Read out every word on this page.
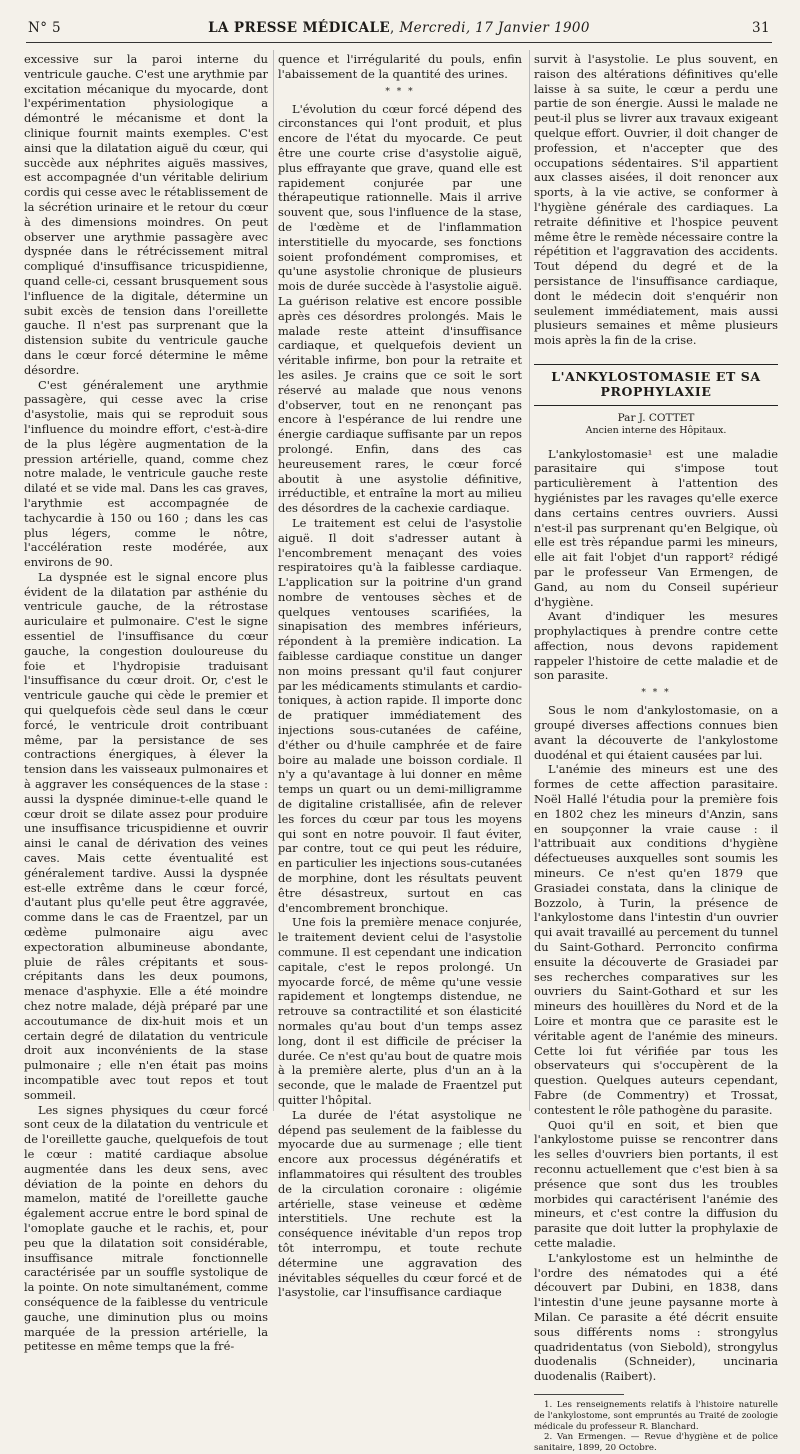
N° 5	LA PRESSE MÉDICALE, Mercredi, 17 Janvier 1900	31

excessive sur la paroi interne du ventricule gauche. C'est une arythmie par excitation mécanique du myocarde, dont l'expérimentation physiologique a démontré le mécanisme et dont la clinique fournit maints exemples. C'est ainsi que la dilatation aiguë du cœur, qui succède aux néphrites aiguës massives, est accompagnée d'un véritable delirium cordis qui cesse avec le rétablissement de la sécrétion urinaire et le retour du cœur à des dimensions moindres. On peut observer une arythmie passagère avec dyspnée dans le rétrécissement mitral compliqué d'insuffisance tricuspidienne, quand celle-ci, cessant brusquement sous l'influence de la digitale, détermine un subit excès de tension dans l'oreillette gauche. Il n'est pas surprenant que la distension subite du ventricule gauche dans le cœur forcé détermine le même désordre.

C'est généralement une arythmie passagère, qui cesse avec la crise d'asystolie, mais qui se reproduit sous l'influence du moindre effort, c'est-à-dire de la plus légère augmentation de la pression artérielle, quand, comme chez notre malade, le ventricule gauche reste dilaté et se vide mal. Dans les cas graves, l'arythmie est accompagnée de tachycardie à 150 ou 160 ; dans les cas plus légers, comme le nôtre, l'accélération reste modérée, aux environs de 90.

La dyspnée est le signal encore plus évident de la dilatation par asthénie du ventricule gauche, de la rétrostase auriculaire et pulmonaire. C'est le signe essentiel de l'insuffisance du cœur gauche, la congestion douloureuse du foie et l'hydropisie traduisant l'insuffisance du cœur droit. Or, c'est le ventricule gauche qui cède le premier et qui quelquefois cède seul dans le cœur forcé, le ventricule droit contribuant même, par la persistance de ses contractions énergiques, à élever la tension dans les vaisseaux pulmonaires et à aggraver les conséquences de la stase : aussi la dyspnée diminue-t-elle quand le cœur droit se dilate assez pour produire une insuffisance tricuspidienne et ouvrir ainsi le canal de dérivation des veines caves. Mais cette éventualité est généralement tardive. Aussi la dyspnée est-elle extrême dans le cœur forcé, d'autant plus qu'elle peut être aggravée, comme dans le cas de Fraentzel, par un œdème pulmonaire aigu avec expectoration albumineuse abondante, pluie de râles crépitants et sous-crépitants dans les deux poumons, menace d'asphyxie. Elle a été moindre chez notre malade, déjà préparé par une accoutumance de dix-huit mois et un certain degré de dilatation du ventricule droit aux inconvénients de la stase pulmonaire ; elle n'en était pas moins incompatible avec tout repos et tout sommeil.

Les signes physiques du cœur forcé sont ceux de la dilatation du ventricule et de l'oreillette gauche, quelquefois de tout le cœur : matité cardiaque absolue augmentée dans les deux sens, avec déviation de la pointe en dehors du mamelon, matité de l'oreillette gauche également accrue entre le bord spinal de l'omoplate gauche et le rachis, et, pour peu que la dilatation soit considérable, insuffisance mitrale fonctionnelle caractérisée par un souffle systolique de la pointe. On note simultanément, comme conséquence de la faiblesse du ventricule gauche, une diminution plus ou moins marquée de la pression artérielle, la petitesse en même temps que la fré-

quence et l'irrégularité du pouls, enfin l'abaissement de la quantité des urines.

* * *

L'évolution du cœur forcé dépend des circonstances qui l'ont produit, et plus encore de l'état du myocarde. Ce peut être une courte crise d'asystolie aiguë, plus effrayante que grave, quand elle est rapidement conjurée par une thérapeutique rationnelle. Mais il arrive souvent que, sous l'influence de la stase, de l'œdème et de l'inflammation interstitielle du myocarde, ses fonctions soient profondément compromises, et qu'une asystolie chronique de plusieurs mois de durée succède à l'asystolie aiguë. La guérison relative est encore possible après ces désordres prolongés. Mais le malade reste atteint d'insuffisance cardiaque, et quelquefois devient un véritable infirme, bon pour la retraite et les asiles. Je crains que ce soit le sort réservé au malade que nous venons d'observer, tout en ne renonçant pas encore à l'espérance de lui rendre une énergie cardiaque suffisante par un repos prolongé. Enfin, dans des cas heureusement rares, le cœur forcé aboutit à une asystolie définitive, irréductible, et entraîne la mort au milieu des désordres de la cachexie cardiaque.

Le traitement est celui de l'asystolie aiguë. Il doit s'adresser autant à l'encombrement menaçant des voies respiratoires qu'à la faiblesse cardiaque. L'application sur la poitrine d'un grand nombre de ventouses sèches et de quelques ventouses scarifiées, la sinapisation des membres inférieurs, répondent à la première indication. La faiblesse cardiaque constitue un danger non moins pressant qu'il faut conjurer par les médicaments stimulants et cardio-toniques, à action rapide. Il importe donc de pratiquer immédiatement des injections sous-cutanées de caféine, d'éther ou d'huile camphrée et de faire boire au malade une boisson cordiale. Il n'y a qu'avantage à lui donner en même temps un quart ou un demi-milligramme de digitaline cristallisée, afin de relever les forces du cœur par tous les moyens qui sont en notre pouvoir. Il faut éviter, par contre, tout ce qui peut les réduire, en particulier les injections sous-cutanées de morphine, dont les résultats peuvent être désastreux, surtout en cas d'encombrement bronchique.

Une fois la première menace conjurée, le traitement devient celui de l'asystolie commune. Il est cependant une indication capitale, c'est le repos prolongé. Un myocarde forcé, de même qu'une vessie rapidement et longtemps distendue, ne retrouve sa contractilité et son élasticité normales qu'au bout d'un temps assez long, dont il est difficile de préciser la durée. Ce n'est qu'au bout de quatre mois à la première alerte, plus d'un an à la seconde, que le malade de Fraentzel put quitter l'hôpital.

La durée de l'état asystolique ne dépend pas seulement de la faiblesse du myocarde due au surmenage ; elle tient encore aux processus dégénératifs et inflammatoires qui résultent des troubles de la circulation coronaire : oligémie artérielle, stase veineuse et œdème interstitiels. Une rechute est la conséquence inévitable d'un repos trop tôt interrompu, et toute rechute détermine une aggravation des inévitables séquelles du cœur forcé et de l'asystolie, car l'insuffisance cardiaque

survit à l'asystolie. Le plus souvent, en raison des altérations définitives qu'elle laisse à sa suite, le cœur a perdu une partie de son énergie. Aussi le malade ne peut-il plus se livrer aux travaux exigeant quelque effort. Ouvrier, il doit changer de profession, et n'accepter que des occupations sédentaires. S'il appartient aux classes aisées, il doit renoncer aux sports, à la vie active, se conformer à l'hygiène générale des cardiaques. La retraite définitive et l'hospice peuvent même être le remède nécessaire contre la répétition et l'aggravation des accidents. Tout dépend du degré et de la persistance de l'insuffisance cardiaque, dont le médecin doit s'enquérir non seulement immédiatement, mais aussi plusieurs semaines et même plusieurs mois après la fin de la crise.

L'ANKYLOSTOMASIE ET SA PROPHYLAXIE
Par J. COTTET
Ancien interne des Hôpitaux.

L'ankylostomasie¹ est une maladie parasitaire qui s'impose tout particulièrement à l'attention des hygiénistes par les ravages qu'elle exerce dans certains centres ouvriers. Aussi n'est-il pas surprenant qu'en Belgique, où elle est très répandue parmi les mineurs, elle ait fait l'objet d'un rapport² rédigé par le professeur Van Ermengen, de Gand, au nom du Conseil supérieur d'hygiène.

Avant d'indiquer les mesures prophylactiques à prendre contre cette affection, nous devons rapidement rappeler l'histoire de cette maladie et de son parasite.

* * *

Sous le nom d'ankylostomasie, on a groupé diverses affections connues bien avant la découverte de l'ankylostome duodénal et qui étaient causées par lui.

L'anémie des mineurs est une des formes de cette affection parasitaire. Noël Hallé l'étudia pour la première fois en 1802 chez les mineurs d'Anzin, sans en soupçonner la vraie cause : il l'attribuait aux conditions d'hygiène défectueuses auxquelles sont soumis les mineurs. Ce n'est qu'en 1879 que Grasiadei constata, dans la clinique de Bozzolo, à Turin, la présence de l'ankylostome dans l'intestin d'un ouvrier qui avait travaillé au percement du tunnel du Saint-Gothard. Perroncito confirma ensuite la découverte de Grasiadei par ses recherches comparatives sur les ouvriers du Saint-Gothard et sur les mineurs des houillères du Nord et de la Loire et montra que ce parasite est le véritable agent de l'anémie des mineurs. Cette loi fut vérifiée par tous les observateurs qui s'occupèrent de la question. Quelques auteurs cependant, Fabre (de Commentry) et Trossat, contestent le rôle pathogène du parasite.

Quoi qu'il en soit, et bien que l'ankylostome puisse se rencontrer dans les selles d'ouvriers bien portants, il est reconnu actuellement que c'est bien à sa présence que sont dus les troubles morbides qui caractérisent l'anémie des mineurs, et c'est contre la diffusion du parasite que doit lutter la prophylaxie de cette maladie.

L'ankylostome est un helminthe de l'ordre des nématodes qui a été découvert par Dubini, en 1838, dans l'intestin d'une jeune paysanne morte à Milan. Ce parasite a été décrit ensuite sous différents noms : strongylus quadridentatus (von Siebold), strongylus duodenalis (Schneider), uncinaria duodenalis (Raibert).

1. Les renseignements relatifs à l'histoire naturelle de l'ankylostome, sont empruntés au Traité de zoologie médicale du professeur R. Blanchard.

2. Van Ermengen. — Revue d'hygiène et de police sanitaire, 1899, 20 Octobre.
